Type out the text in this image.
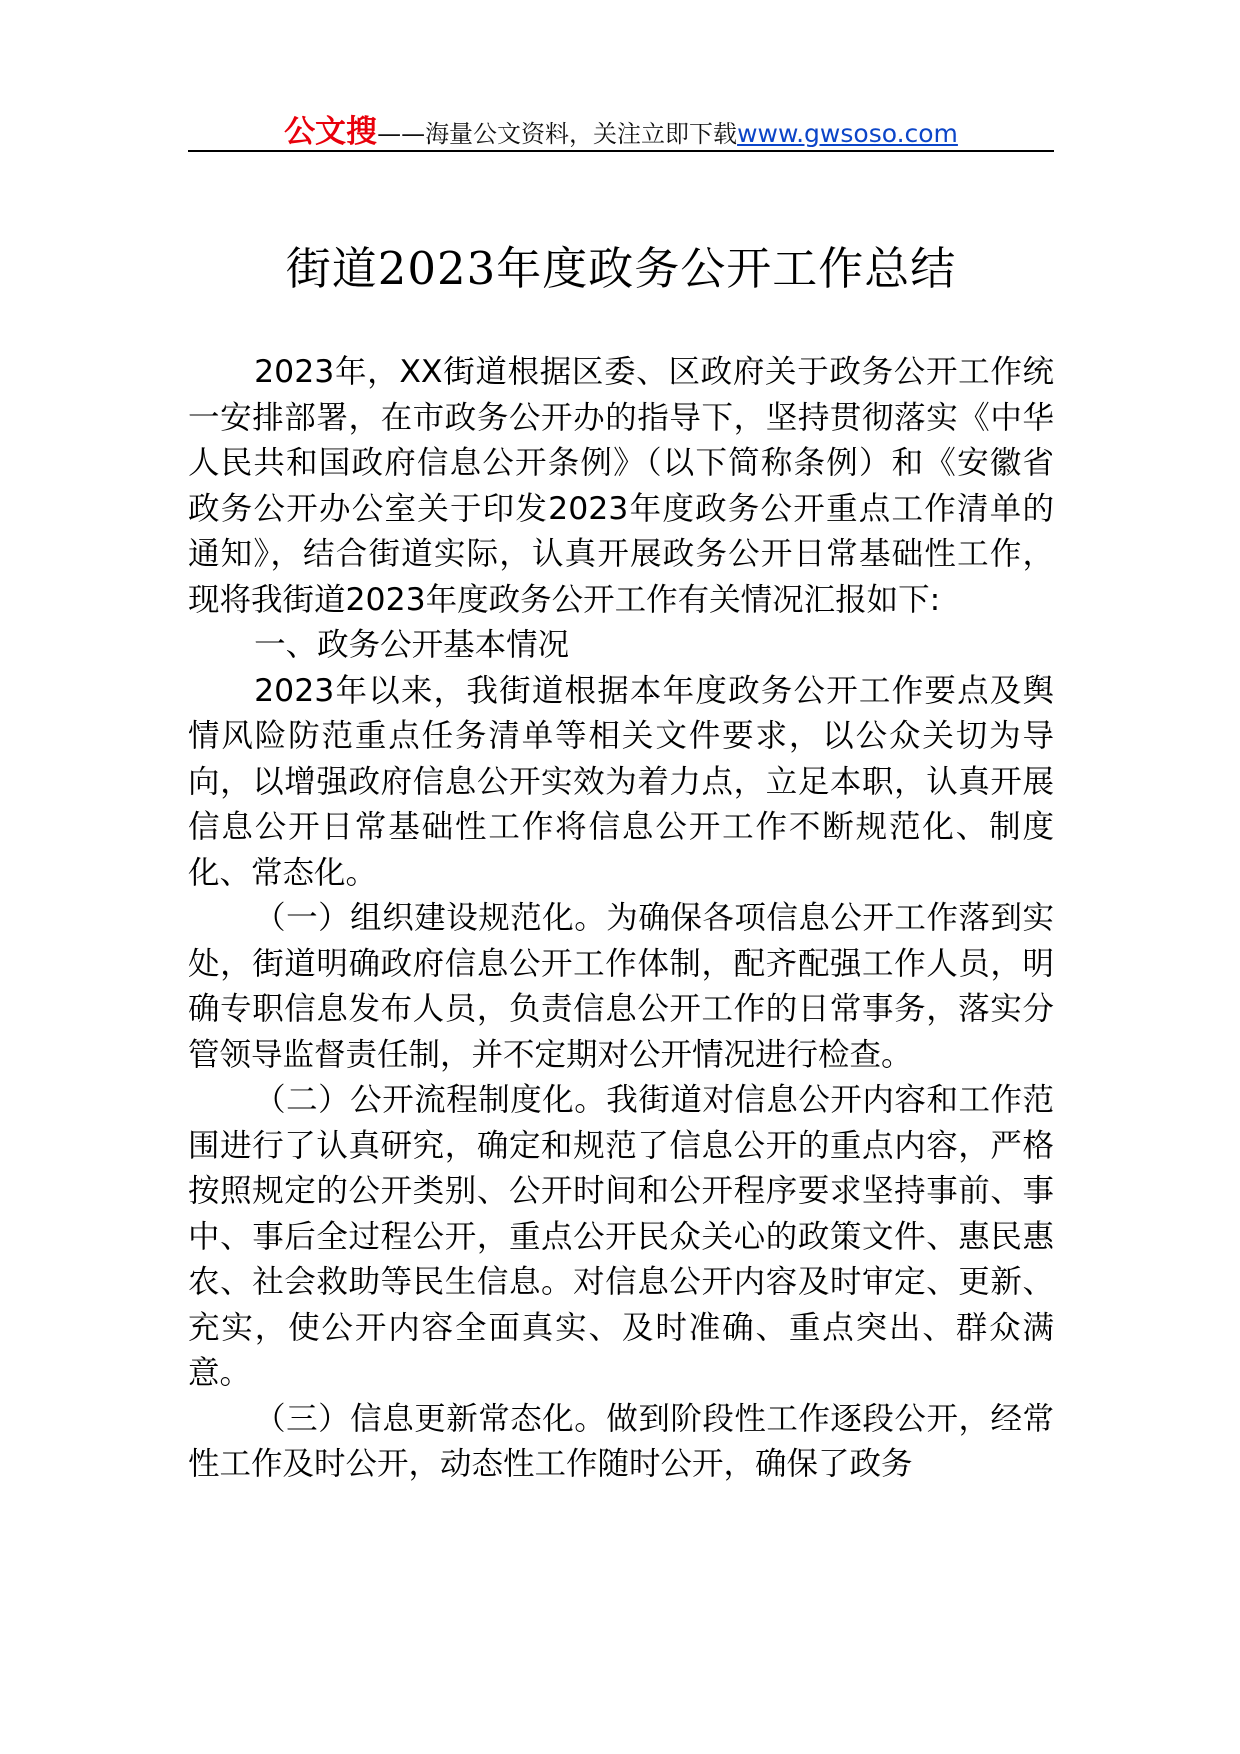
公文搜——海量公文资料，关注立即下载www.gwsoso.com
街道2023年度政务公开工作总结

2023年，XX街道根据区委、区政府关于政务公开工作统一安排部署，在市政务公开办的指导下，坚持贯彻落实《中华人民共和国政府信息公开条例》（以下简称条例）和《安徽省政务公开办公室关于印发2023年度政务公开重点工作清单的通知》，结合街道实际，认真开展政务公开日常基础性工作，现将我街道2023年度政务公开工作有关情况汇报如下:

一、政务公开基本情况

2023年以来，我街道根据本年度政务公开工作要点及舆情风险防范重点任务清单等相关文件要求，以公众关切为导向，以增强政府信息公开实效为着力点，立足本职，认真开展信息公开日常基础性工作将信息公开工作不断规范化、制度化、常态化。

（一）组织建设规范化。为确保各项信息公开工作落到实处，街道明确政府信息公开工作体制，配齐配强工作人员，明确专职信息发布人员，负责信息公开工作的日常事务，落实分管领导监督责任制，并不定期对公开情况进行检查。

（二）公开流程制度化。我街道对信息公开内容和工作范围进行了认真研究，确定和规范了信息公开的重点内容，严格按照规定的公开类别、公开时间和公开程序要求坚持事前、事中、事后全过程公开，重点公开民众关心的政策文件、惠民惠农、社会救助等民生信息。对信息公开内容及时审定、更新、充实，使公开内容全面真实、及时准确、重点突出、群众满意。

（三）信息更新常态化。做到阶段性工作逐段公开，经常性工作及时公开，动态性工作随时公开，确保了政务
